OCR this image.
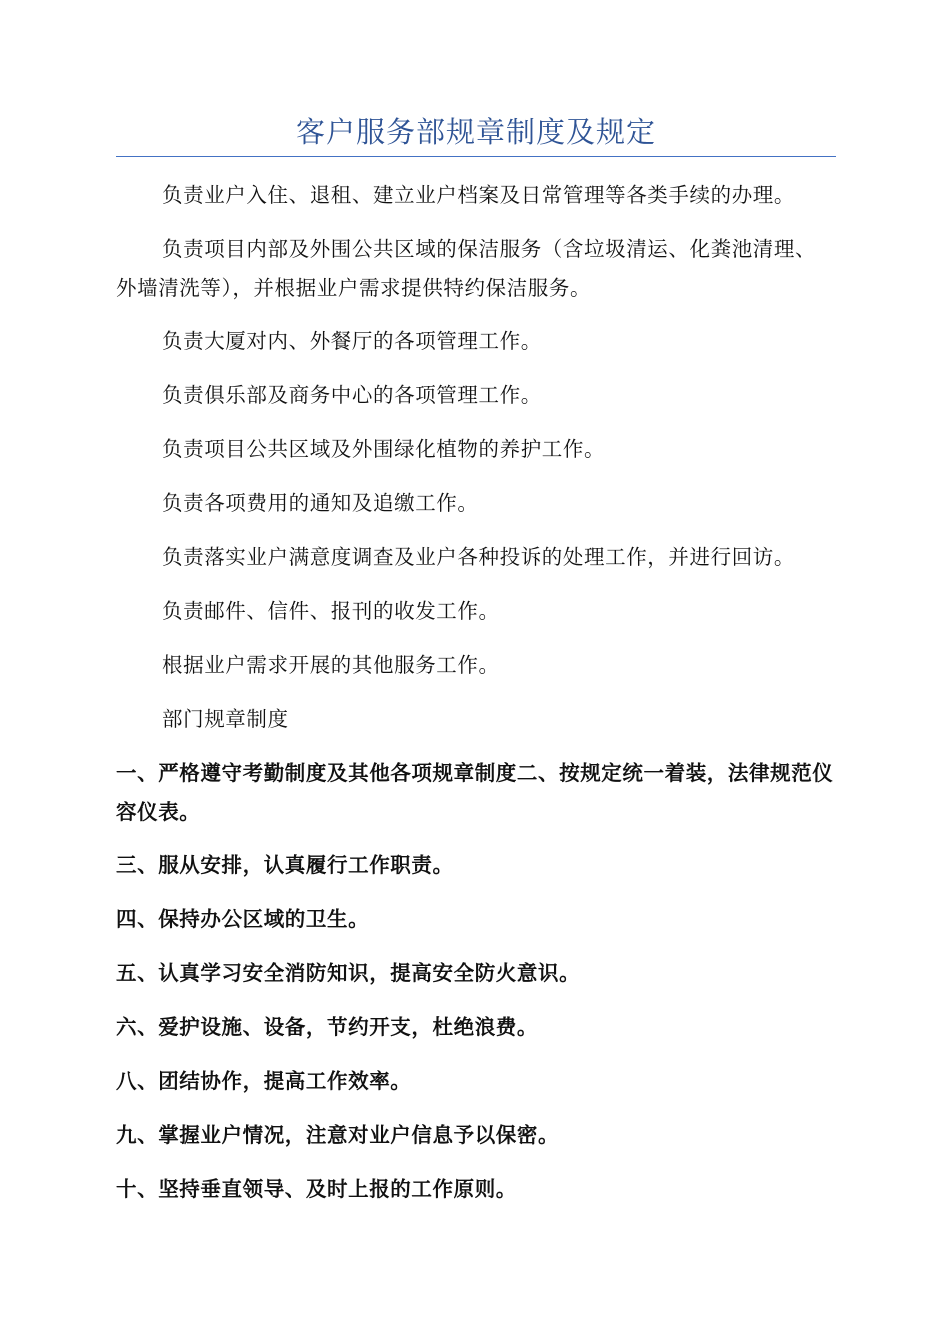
客户服务部规章制度及规定

负责业户入住、退租、建立业户档案及日常管理等各类手续的办理。

负责项目内部及外围公共区域的保洁服务（含垃圾清运、化粪池清理、外墙清洗等），并根据业户需求提供特约保洁服务。

负责大厦对内、外餐厅的各项管理工作。

负责俱乐部及商务中心的各项管理工作。

负责项目公共区域及外围绿化植物的养护工作。

负责各项费用的通知及追缴工作。

负责落实业户满意度调查及业户各种投诉的处理工作，并进行回访。

负责邮件、信件、报刊的收发工作。

根据业户需求开展的其他服务工作。

部门规章制度

一、严格遵守考勤制度及其他各项规章制度二、按规定统一着装，法律规范仪容仪表。

三、服从安排，认真履行工作职责。

四、保持办公区域的卫生。

五、认真学习安全消防知识，提高安全防火意识。

六、爱护设施、设备，节约开支，杜绝浪费。

八、团结协作，提高工作效率。

九、掌握业户情况，注意对业户信息予以保密。

十、坚持垂直领导、及时上报的工作原则。
